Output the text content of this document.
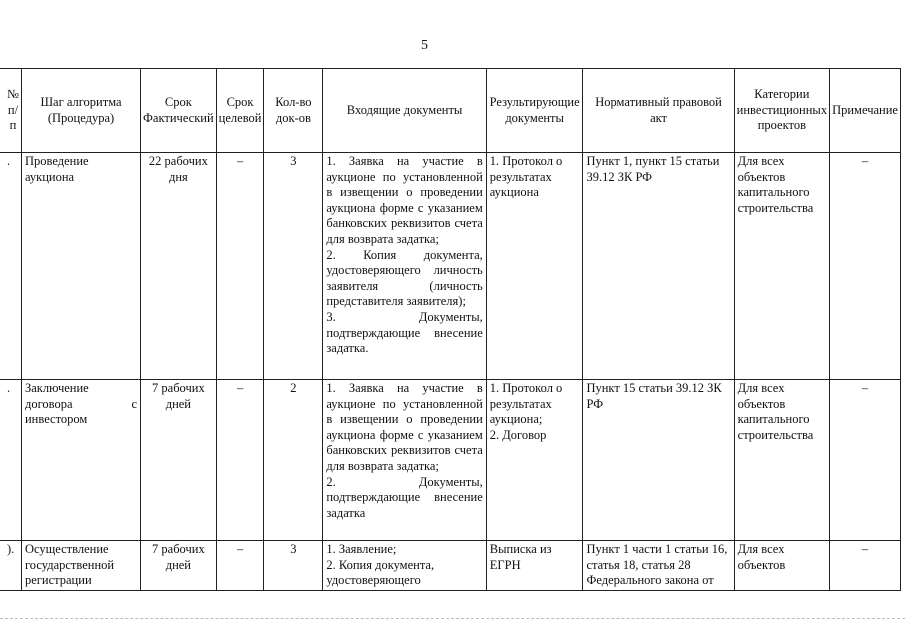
5
№ п/п	Шаг алгоритма (Процедура)	Срок Фактический	Срок целевой	Кол-во док-ов	Входящие документы	Результирующие документы	Нормативный правовой акт	Категории инвестиционных проектов	Примечание
.	Проведение аукциона	22 рабочих дня	–	3	1. Заявка на участие в аукционе по установленной в извещении о проведении аукциона форме с указанием банковских реквизитов счета для возврата задатка;
2. Копия документа, удостоверяющего личность заявителя (личность представителя заявителя);
3. Документы, подтверждающие внесение задатка.	1. Протокол о результатах аукциона	Пункт 1, пункт 15 статьи 39.12 ЗК РФ	Для всех объектов капитального строительства	–
.	Заключение договора с инвестором	7 рабочих дней	–	2	1. Заявка на участие в аукционе по установленной в извещении о проведении аукциона форме с указанием банковских реквизитов счета для возврата задатка;
2. Документы, подтверждающие внесение задатка	1. Протокол о результатах аукциона;
2. Договор	Пункт 15 статьи 39.12 ЗК РФ	Для всех объектов капитального строительства	–
).	Осуществление государственной регистрации	7 рабочих дней	–	3	1. Заявление;
2. Копия документа, удостоверяющего	Выписка из ЕГРН	Пункт 1 части 1 статьи 16, статья 18, статья 28 Федерального закона от	Для всех объектов	–
